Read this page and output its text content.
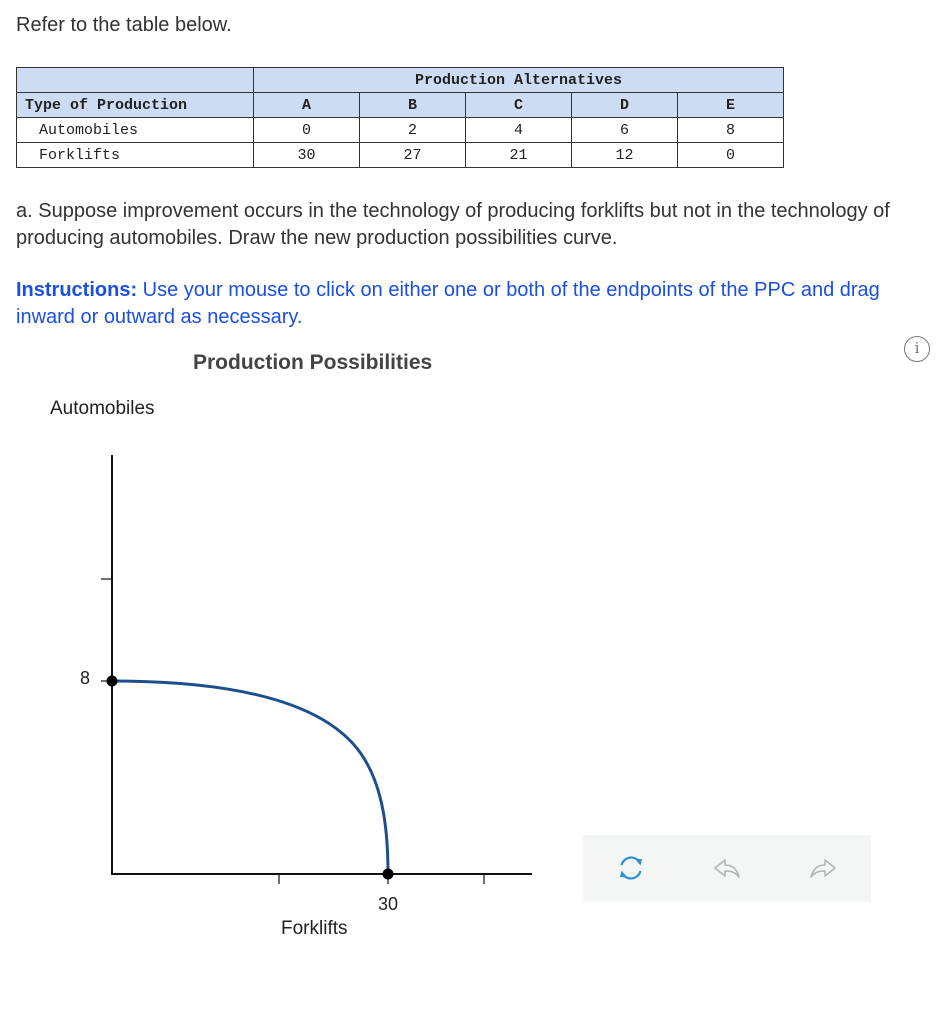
Refer to the table below.
	Production Alternatives				
Type of Production	A	B	C	D	E
Automobiles	0	2	4	6	8
Forklifts	30	27	21	12	0
a. Suppose improvement occurs in the technology of producing forklifts but not in the technology of producing automobiles. Draw the new production possibilities curve.
Instructions: Use your mouse to click on either one or both of the endpoints of the PPC and drag inward or outward as necessary.
i
Production Possibilities
Automobiles
8
30
Forklifts
